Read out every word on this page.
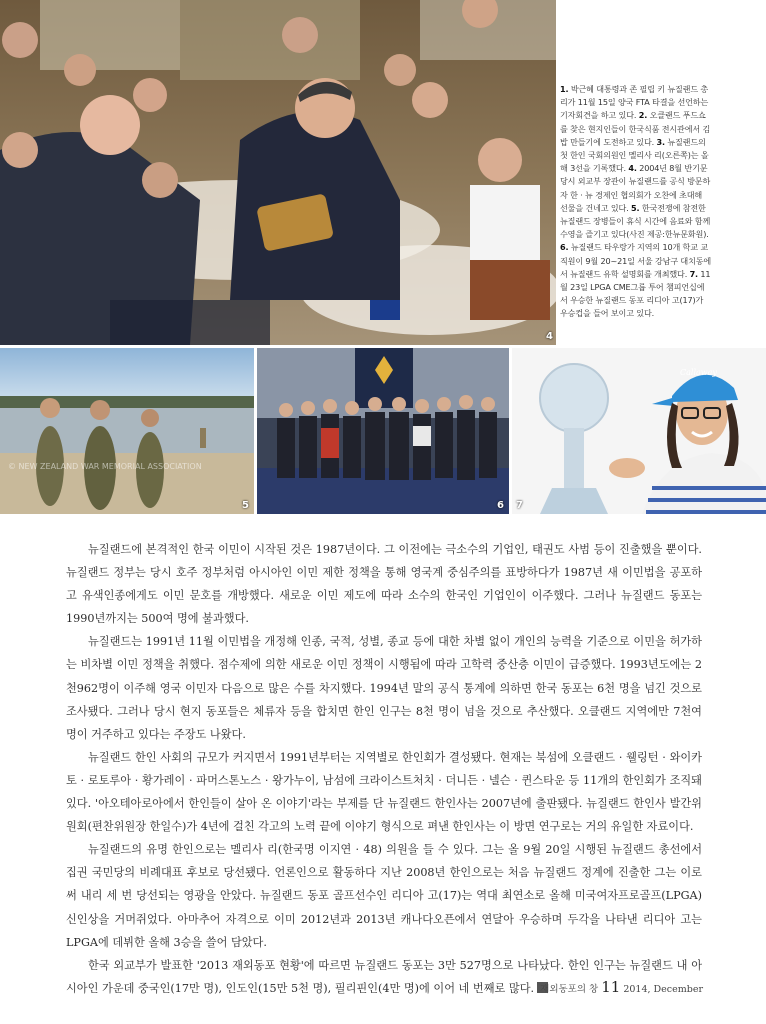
4
© NEW ZEALAND WAR MEMORIAL ASSOCIATION
5	6
Callaway
7

1. 박근혜 대통령과 존 필립 키 뉴질랜드 총리가 11월 15일 양국 FTA 타결을 선언하는 기자회견을 하고 있다. 2. 오클랜드 푸드쇼를 찾은 현지인들이 한국식품 전시관에서 김밥 만들기에 도전하고 있다. 3. 뉴질랜드의 첫 한인 국회의원인 멜리사 리(오른쪽)는 올해 3선을 기록했다. 4. 2004년 8월 반기문 당시 외교부 장관이 뉴질랜드를 공식 방문하자 한 · 뉴 경제인 협의회가 오찬에 초대해 선물을 건네고 있다. 5. 한국전쟁에 참전한 뉴질랜드 장병들이 휴식 시간에 음료와 함께 수영을 즐기고 있다(사진 제공:한뉴문화원). 6. 뉴질랜드 타우랑가 지역의 10개 학교 교직원이 9월 20~21일 서울 강남구 대치동에서 뉴질랜드 유학 설명회를 개최했다. 7. 11월 23일 LPGA CME그룹 투어 챔피언십에서 우승한 뉴질랜드 동포 리디아 고(17)가 우승컵을 들어 보이고 있다.

뉴질랜드에 본격적인 한국 이민이 시작된 것은 1987년이다. 그 이전에는 극소수의 기업인, 태권도 사범 등이 진출했을 뿐이다. 뉴질랜드 정부는 당시 호주 정부처럼 아시아인 이민 제한 정책을 통해 영국계 중심주의를 표방하다가 1987년 새 이민법을 공포하고 유색인종에게도 이민 문호를 개방했다. 새로운 이민 제도에 따라 소수의 한국인 기업인이 이주했다. 그러나 뉴질랜드 동포는 1990년까지는 500여 명에 불과했다.

뉴질랜드는 1991년 11월 이민법을 개정해 인종, 국적, 성별, 종교 등에 대한 차별 없이 개인의 능력을 기준으로 이민을 허가하는 비차별 이민 정책을 취했다. 점수제에 의한 새로운 이민 정책이 시행됨에 따라 고학력 중산층 이민이 급증했다. 1993년도에는 2천962명이 이주해 영국 이민자 다음으로 많은 수를 차지했다. 1994년 말의 공식 통계에 의하면 한국 동포는 6천 명을 넘긴 것으로 조사됐다. 그러나 당시 현지 동포들은 체류자 등을 합치면 한인 인구는 8천 명이 넘을 것으로 추산했다. 오클랜드 지역에만 7천여 명이 거주하고 있다는 주장도 나왔다.

뉴질랜드 한인 사회의 규모가 커지면서 1991년부터는 지역별로 한인회가 결성됐다. 현재는 북섬에 오클랜드 · 웰링턴 · 와이카토 · 로토루아 · 황가레이 · 파머스톤노스 · 왕가누이, 남섬에 크라이스트처치 · 더니든 · 넬슨 · 퀸스타운 등 11개의 한인회가 조직돼 있다. '아오테아로아에서 한인들이 살아 온 이야기'라는 부제를 단 뉴질랜드 한인사는 2007년에 출판됐다. 뉴질랜드 한인사 발간위원회(편찬위원장 한일수)가 4년에 걸친 각고의 노력 끝에 이야기 형식으로 펴낸 한인사는 이 방면 연구로는 거의 유일한 자료이다.

뉴질랜드의 유명 한인으로는 멜리사 리(한국명 이지연 · 48) 의원을 들 수 있다. 그는 올 9월 20일 시행된 뉴질랜드 총선에서 집권 국민당의 비례대표 후보로 당선됐다. 언론인으로 활동하다 지난 2008년 한인으로는 처음 뉴질랜드 정계에 진출한 그는 이로써 내리 세 번 당선되는 영광을 안았다. 뉴질랜드 동포 골프선수인 리디아 고(17)는 역대 최연소로 올해 미국여자프로골프(LPGA) 신인상을 거머쥐었다. 아마추어 자격으로 이미 2012년과 2013년 캐나다오픈에서 연달아 우승하며 두각을 나타낸 리디아 고는 LPGA에 데뷔한 올해 3승을 쓸어 담았다.

한국 외교부가 발표한 '2013 재외동포 현황'에 따르면 뉴질랜드 동포는 3만 527명으로 나타났다. 한인 인구는 뉴질랜드 내 아시아인 가운데 중국인(17만 명), 인도인(15만 5천 명), 필리핀인(4만 명)에 이어 네 번째로 많다. 재외동포의 창 11 2014, December
